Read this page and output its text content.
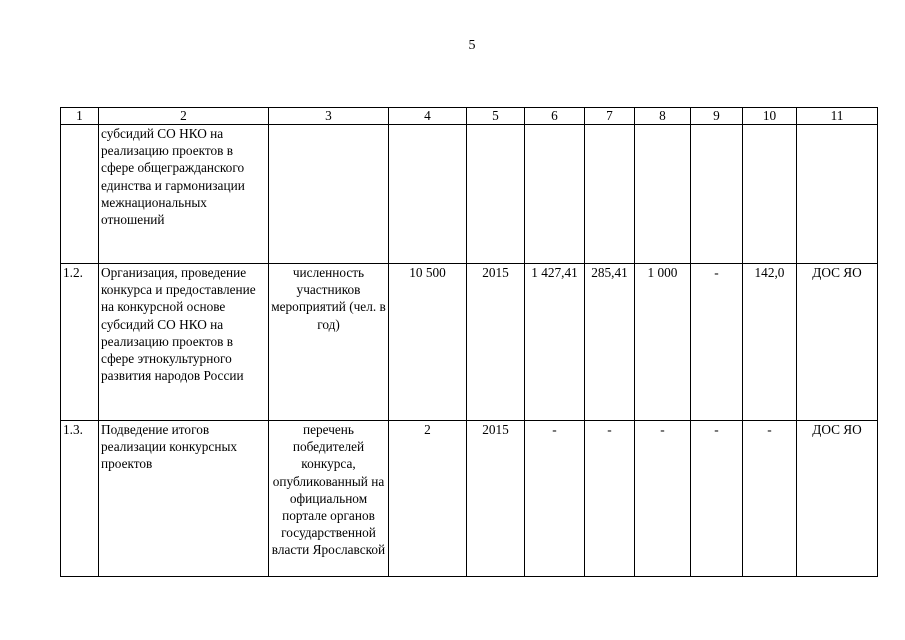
5
1	2	3	4	5	6	7	8	9	10	11
	субсидий СО НКО на реализацию проектов в сфере общегражданского единства и гармонизации межнациональных отношений									
1.2.	Организация, проведение конкурса и предоставление на конкурсной основе субсидий СО НКО на реализацию проектов в сфере этнокультурного развития народов России	численность участников мероприятий (чел. в год)	10 500	2015	1 427,41	285,41	1 000	-	142,0	ДОС ЯО
1.3.	Подведение итогов реализации конкурсных проектов	перечень победителей конкурса, опубликованный на официальном портале органов государственной власти Ярославской	2	2015	-	-	-	-	-	ДОС ЯО
